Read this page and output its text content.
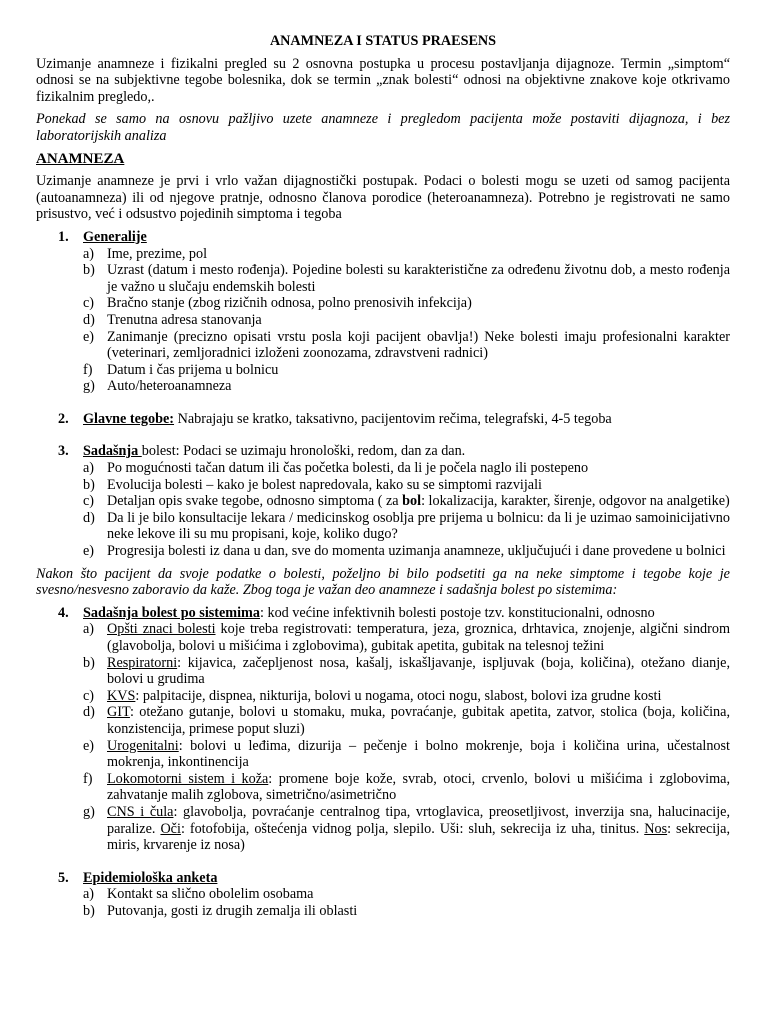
ANAMNEZA I STATUS PRAESENS
Uzimanje anamneze i fizikalni pregled su 2 osnovna postupka u procesu postavljanja dijagnoze. Termin „simptom“ odnosi se na subjektivne tegobe bolesnika, dok se termin „znak bolesti“ odnosi na objektivne znakove koje otkrivamo fizikalnim pregledo,.
Ponekad se samo na osnovu pažljivo uzete anamneze i pregledom pacijenta može postaviti dijagnoza, i bez laboratorijskih analiza
ANAMNEZA
Uzimanje anamneze je prvi i vrlo važan dijagnostički postupak. Podaci o bolesti mogu se uzeti od samog pacijenta (autoanamneza) ili od njegove pratnje, odnosno članova porodice (heteroanamneza). Potrebno je registrovati ne samo prisustvo, već i odsustvo pojedinih simptoma i tegoba
1. Generalije
a) Ime, prezime, pol
b) Uzrast (datum i mesto rođenja). Pojedine bolesti su karakteristične za određenu životnu dob, a mesto rođenja je važno u slučaju endemskih bolesti
c) Bračno stanje (zbog rizičnih odnosa, polno prenosivih infekcija)
d) Trenutna adresa stanovanja
e) Zanimanje (precizno opisati vrstu posla koji pacijent obavlja!) Neke bolesti imaju profesionalni karakter (veterinari, zemljoradnici izloženi zoonozama, zdravstveni radnici)
f) Datum i čas prijema u bolnicu
g) Auto/heteroanamneza
2. Glavne tegobe: Nabrajaju se kratko, taksativno, pacijentovim rečima, telegrafski, 4-5 tegoba
3. Sadašnja bolest: Podaci se uzimaju hronološki, redom, dan za dan.
a) Po mogućnosti tačan datum ili čas početka bolesti, da li je počela naglo ili postepeno
b) Evolucija bolesti – kako je bolest napredovala, kako su se simptomi razvijali
c) Detaljan opis svake tegobe, odnosno simptoma ( za bol: lokalizacija, karakter, širenje, odgovor na analgetike)
d) Da li je bilo konsultacije lekara / medicinskog osoblja pre prijema u bolnicu: da li je uzimao samoinicijativno neke lekove ili su mu propisani, koje, koliko dugo?
e) Progresija bolesti iz dana u dan, sve do momenta uzimanja anamneze, uključujući i dane provedene u bolnici
Nakon što pacijent da svoje podatke o bolesti, poželjno bi bilo podsetiti ga na neke simptome i tegobe koje je svesno/nesvesno zaboravio da kaže. Zbog toga je važan deo anamneze i sadašnja bolest po sistemima:
4. Sadašnja bolest po sistemima: kod većine infektivnih bolesti postoje tzv. konstitucionalni, odnosno
a) Opšti znaci bolesti koje treba registrovati: temperatura, jeza, groznica, drhtavica, znojenje, algični sindrom (glavobolja, bolovi u mišićima i zglobovima), gubitak apetita, gubitak na telesnoj težini
b) Respiratorni: kijavica, začepljenost nosa, kašalj, iskašljavanje, ispljuvak (boja, količina), otežano dianje, bolovi u grudima
c) KVS: palpitacije, dispnea, nikturija, bolovi u nogama, otoci nogu, slabost, bolovi iza grudne kosti
d) GIT: otežano gutanje, bolovi u stomaku, muka, povraćanje, gubitak apetita, zatvor, stolica (boja, količina, konzistencija, primese poput sluzi)
e) Urogenitalni: bolovi u leđima, dizurija – pečenje i bolno mokrenje, boja i količina urina, učestalnost mokrenja, inkontinencija
f) Lokomotorni sistem i koža: promene boje kože, svrab, otoci, crvenlo, bolovi u mišićima i zglobovima, zahvatanje malih zglobova, simetrično/asimetrično
g) CNS i čula: glavobolja, povraćanje centralnog tipa, vrtoglavica, preosetljivost, inverzija sna, halucinacije, paralize. Oči: fotofobija, oštećenja vidnog polja, slepilo. Uši: sluh, sekrecija iz uha, tinitus. Nos: sekrecija, miris, krvarenje iz nosa)
5. Epidemiološka anketa
a) Kontakt sa slično obolelim osobama
b) Putovanja, gosti iz drugih zemalja ili oblasti
